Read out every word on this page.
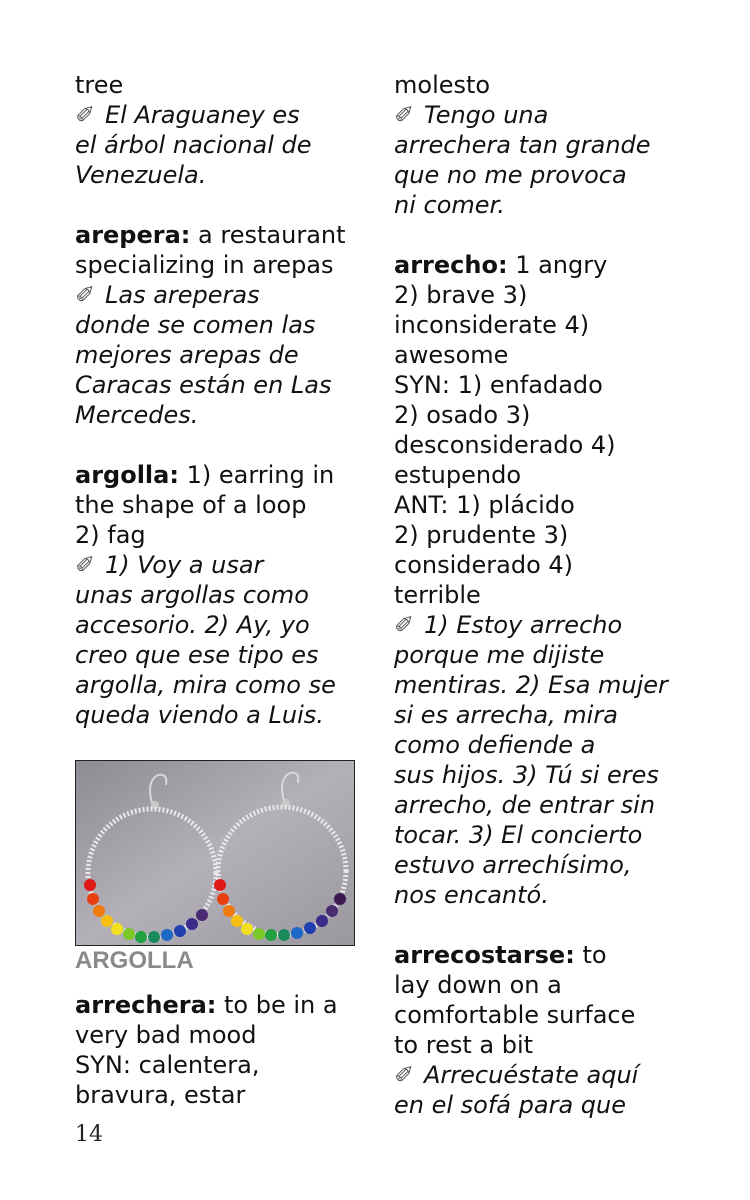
tree
✐ El Araguaney es
el árbol nacional de
Venezuela.
arepera: a restaurant
specializing in arepas
✐ Las areperas
donde se comen las
mejores arepas de
Caracas están en Las
Mercedes.
argolla: 1) earring in
the shape of a loop
2) fag
✐ 1) Voy a usar
unas argollas como
accesorio. 2) Ay, yo
creo que ese tipo es
argolla, mira como se
queda viendo a Luis.
ARGOLLA
arrechera: to be in a
very bad mood
SYN: calentera,
bravura, estar
molesto
✐ Tengo una
arrechera tan grande
que no me provoca
ni comer.
arrecho: 1 angry
2) brave 3)
inconsiderate 4)
awesome
SYN: 1) enfadado
2) osado 3)
desconsiderado 4)
estupendo
ANT: 1) plácido
2) prudente 3)
considerado 4)
terrible
✐ 1) Estoy arrecho
porque me dijiste
mentiras. 2) Esa mujer
si es arrecha, mira
como defiende a
sus hijos. 3) Tú si eres
arrecho, de entrar sin
tocar. 3) El concierto
estuvo arrechísimo,
nos encantó.
arrecostarse: to
lay down on a
comfortable surface
to rest a bit
✐ Arrecuéstate aquí
en el sofá para que
14
